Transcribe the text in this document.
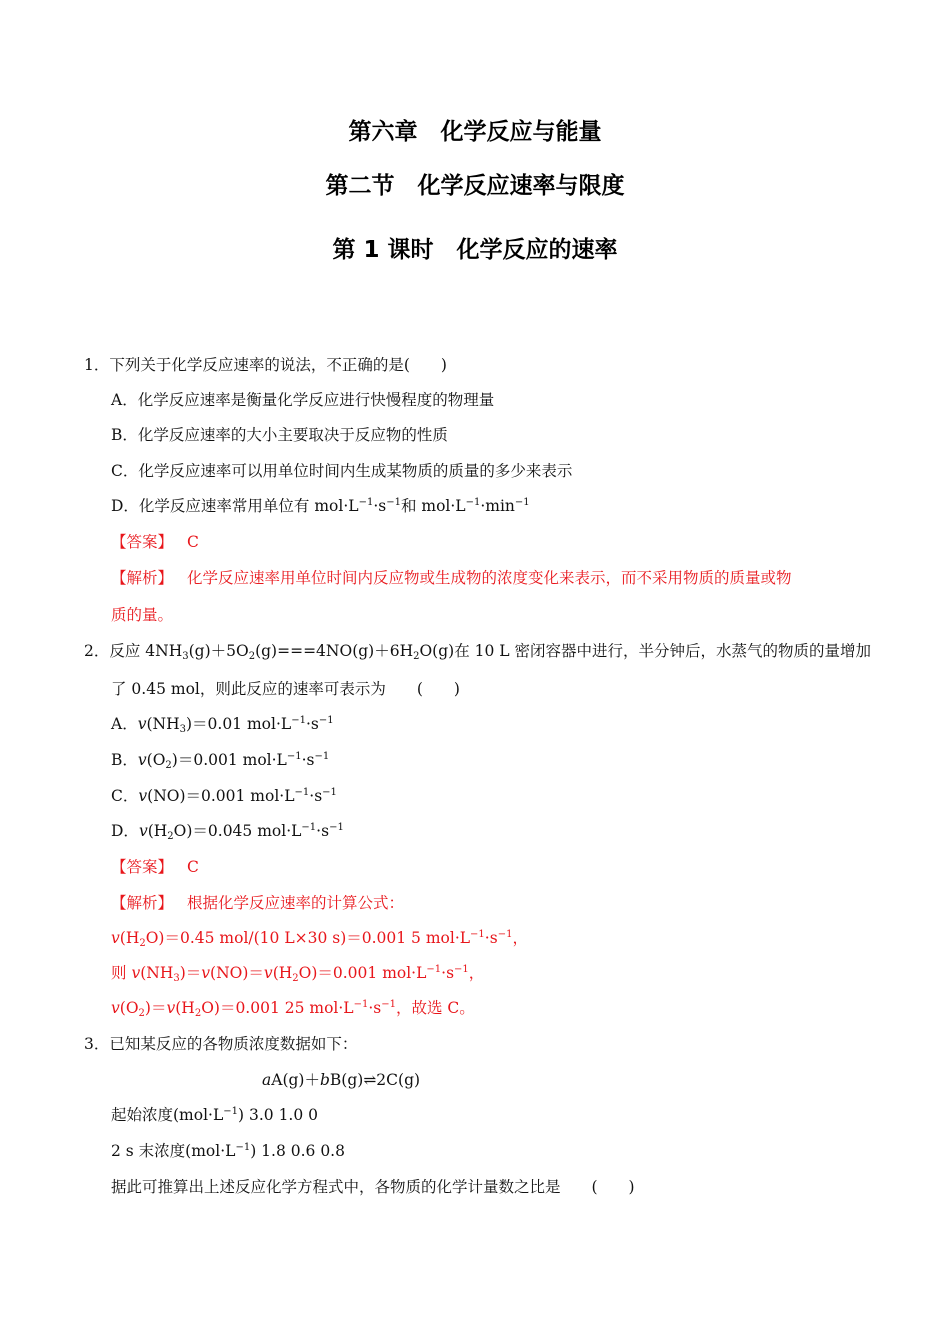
第六章　化学反应与能量
第二节　化学反应速率与限度
第 1 课时　化学反应的速率
1．下列关于化学反应速率的说法，不正确的是(　　)
A．化学反应速率是衡量化学反应进行快慢程度的物理量
B．化学反应速率的大小主要取决于反应物的性质
C．化学反应速率可以用单位时间内生成某物质的质量的多少来表示
D．化学反应速率常用单位有 $mol\cdot L^{-1}\cdot s^{-1}$和 $mol\cdot L^{-1}\cdot\min^{-1}$
【答案】 C
【解析】 化学反应速率用单位时间内反应物或生成物的浓度变化来表示，而不采用物质的质量或物
质的量。
2．反应 $4NH_3(g)+5O_2(g)===4NO(g)+6H_2O(g)$在 10 L 密闭容器中进行，半分钟后，水蒸气的物质的量增加
了 0.45 mol，则此反应的速率可表示为　　(　　)
A．$v(NH_3)=0.01$ $mol\cdot L^{-1}\cdot s^{-1}$
B．$v(O_2)=0.001$ $mol\cdot L^{-1}\cdot s^{-1}$
C．v(NO)＝0.001 $mol\cdot L^{-1}\cdot s^{-1}$
D．$v(H_2O)=0.045$ $mol\cdot L^{-1}\cdot s^{-1}$
【答案】 C
【解析】 根据化学反应速率的计算公式：
$v(H_2O)=0.45$ mol/(10 L×30 s)＝0.001 5 $mol\cdot L^{-1}\cdot s^{-1}$，
则 $v(NH_3)=v(NO)=v(H_2O)=0.001$ $mol\cdot L^{-1}\cdot s^{-1}$，
$v(O_2)=v(H_2O)=0.001$ 25 $mol\cdot L^{-1}\cdot s^{-1}$，故选 C。
3．已知某反应的各物质浓度数据如下：
aA(g)＋bB(g)⇌2C(g)
起始浓度$(mol\cdot L^{-1})$ 3.0 1.0 0
2 s 末浓度$(mol\cdot L^{-1})$ 1.8 0.6 0.8
据此可推算出上述反应化学方程式中，各物质的化学计量数之比是　　(　　)
